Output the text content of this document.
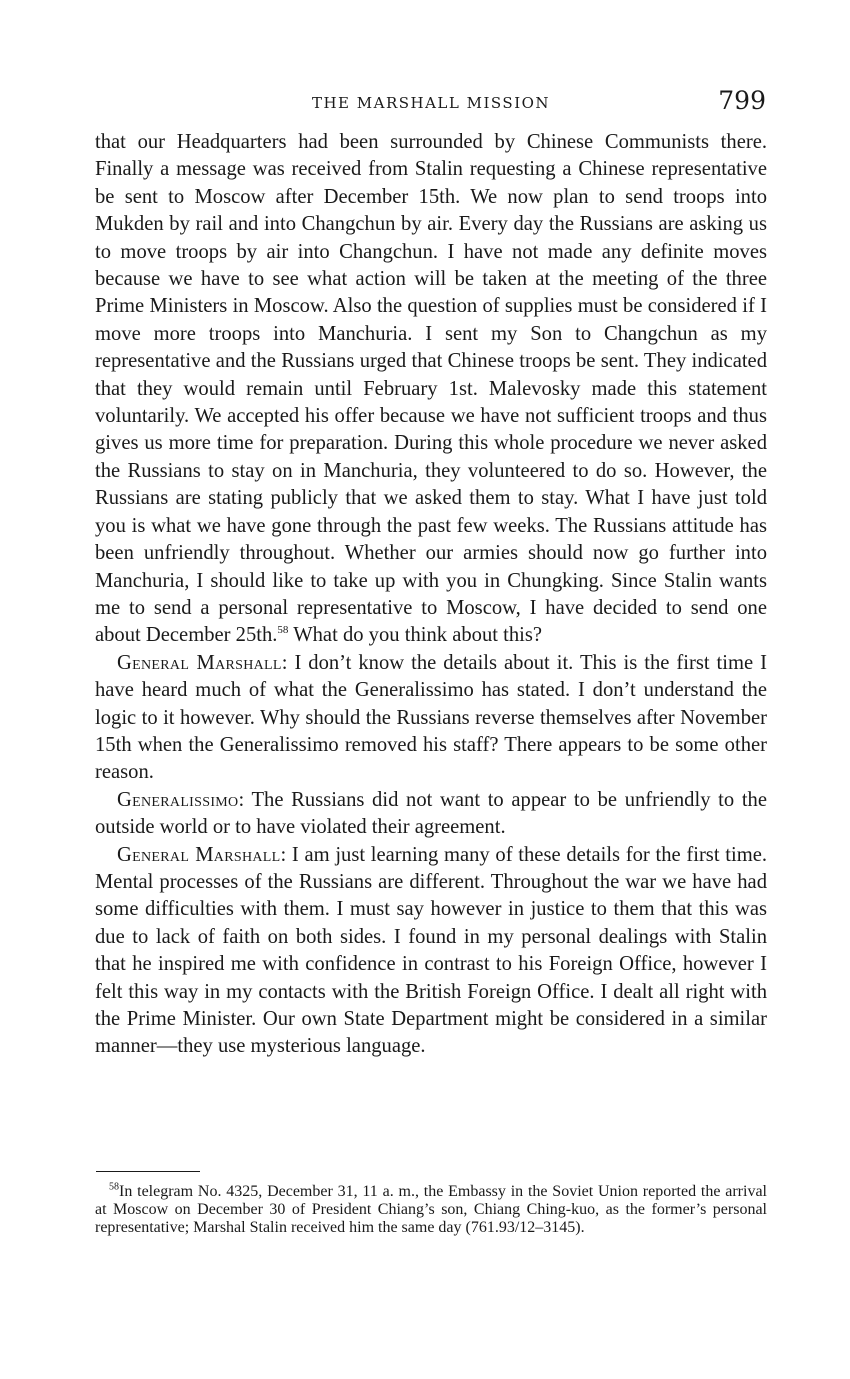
THE MARSHALL MISSION	799

that our Headquarters had been surrounded by Chinese Communists there. Finally a message was received from Stalin requesting a Chinese representative be sent to Moscow after December 15th. We now plan to send troops into Mukden by rail and into Changchun by air. Every day the Russians are asking us to move troops by air into Changchun. I have not made any definite moves because we have to see what action will be taken at the meeting of the three Prime Ministers in Moscow. Also the question of supplies must be considered if I move more troops into Manchuria. I sent my Son to Changchun as my representative and the Russians urged that Chinese troops be sent. They indicated that they would remain until February 1st. Malevosky made this statement voluntarily. We accepted his offer because we have not sufficient troops and thus gives us more time for preparation. During this whole procedure we never asked the Russians to stay on in Manchuria, they volunteered to do so. However, the Russians are stating publicly that we asked them to stay. What I have just told you is what we have gone through the past few weeks. The Russians attitude has been unfriendly throughout. Whether our armies should now go further into Manchuria, I should like to take up with you in Chungking. Since Stalin wants me to send a personal representative to Moscow, I have decided to send one about December 25th.$^{58}$ What do you think about this?

General Marshall: I don’t know the details about it. This is the first time I have heard much of what the Generalissimo has stated. I don’t understand the logic to it however. Why should the Russians reverse themselves after November 15th when the Generalissimo removed his staff? There appears to be some other reason.

Generalissimo: The Russians did not want to appear to be unfriendly to the outside world or to have violated their agreement.

General Marshall: I am just learning many of these details for the first time. Mental processes of the Russians are different. Throughout the war we have had some difficulties with them. I must say however in justice to them that this was due to lack of faith on both sides. I found in my personal dealings with Stalin that he inspired me with confidence in contrast to his Foreign Office, however I felt this way in my contacts with the British Foreign Office. I dealt all right with the Prime Minister. Our own State Department might be considered in a similar manner—they use mysterious language.

$^{58}$In telegram No. 4325, December 31, 11 a. m., the Embassy in the Soviet Union reported the arrival at Moscow on December 30 of President Chiang’s son, Chiang Ching-kuo, as the former’s personal representative; Marshal Stalin received him the same day (761.93/12–3145).
